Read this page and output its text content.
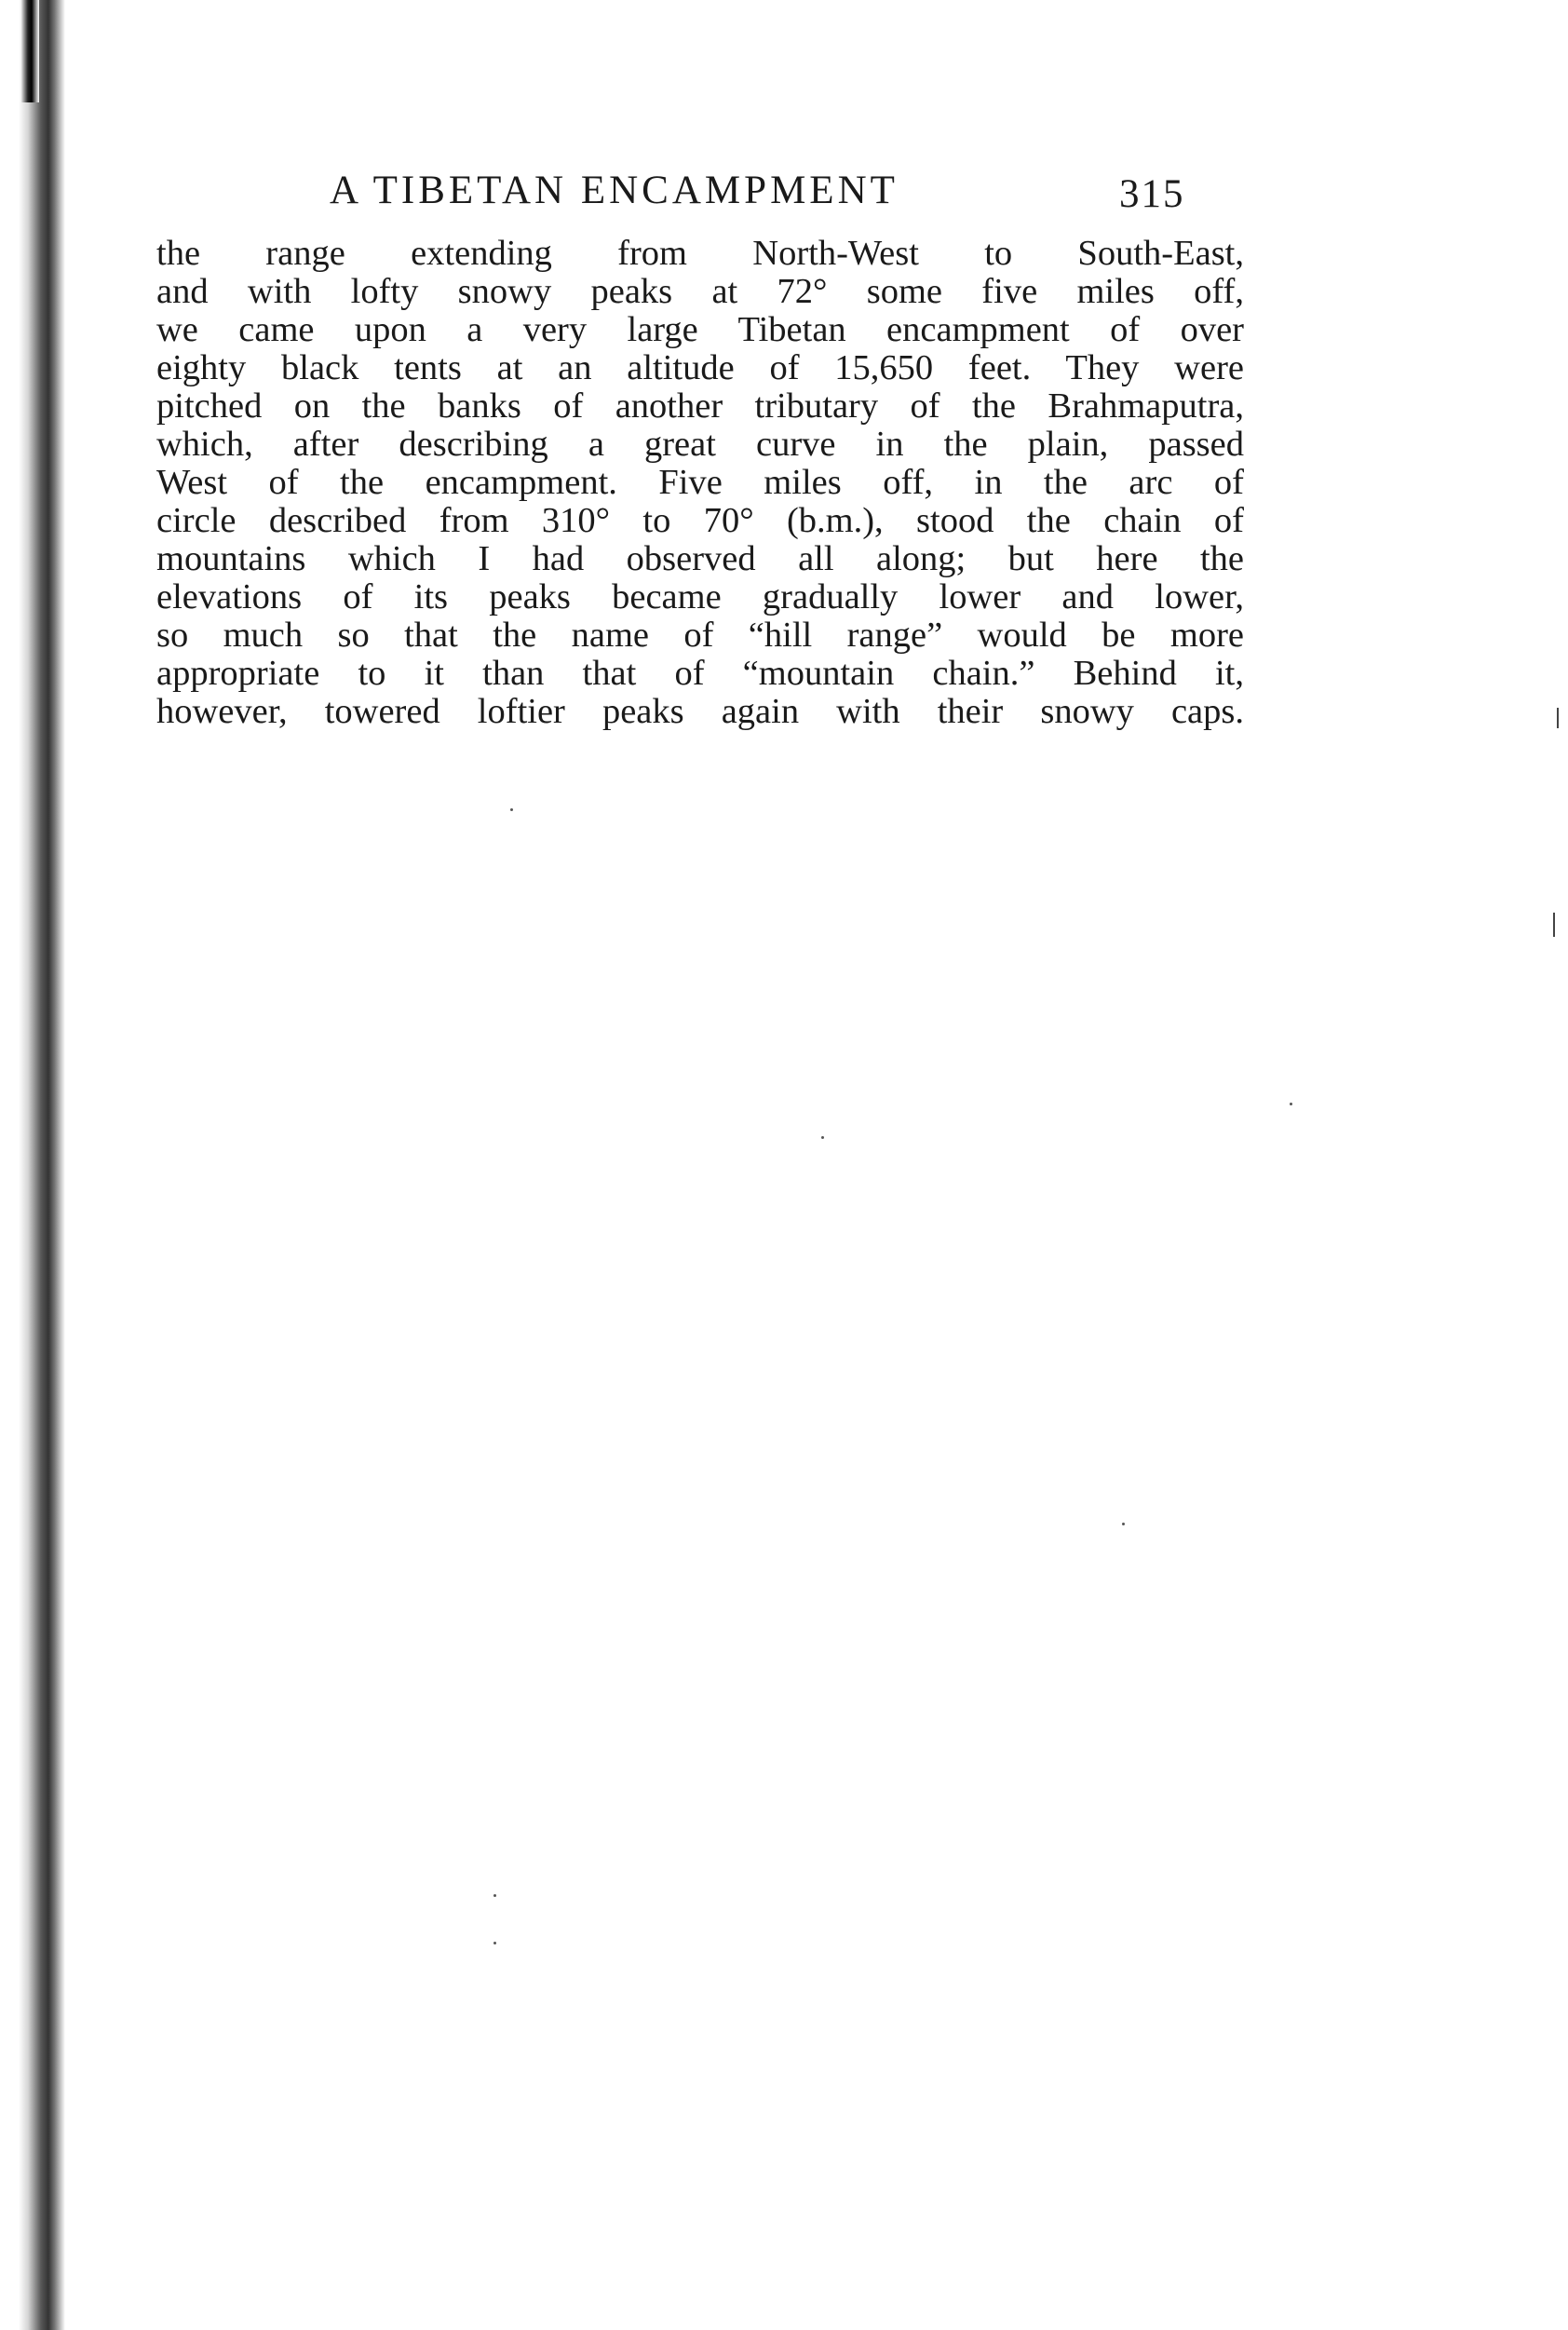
A TIBETAN ENCAMPMENT	315
the range extending from North-West to South-East,
and with lofty snowy peaks at 72° some five miles off,
we came upon a very large Tibetan encampment of over
eighty black tents at an altitude of 15,650 feet. They were
pitched on the banks of another tributary of the Brahmaputra,
which, after describing a great curve in the plain, passed
West of the encampment. Five miles off, in the arc of
circle described from 310° to 70° (b.m.), stood the chain of
mountains which I had observed all along; but here the
elevations of its peaks became gradually lower and lower,
so much so that the name of “hill range” would be more
appropriate to it than that of “mountain chain.” Behind it,
however, towered loftier peaks again with their snowy caps.
